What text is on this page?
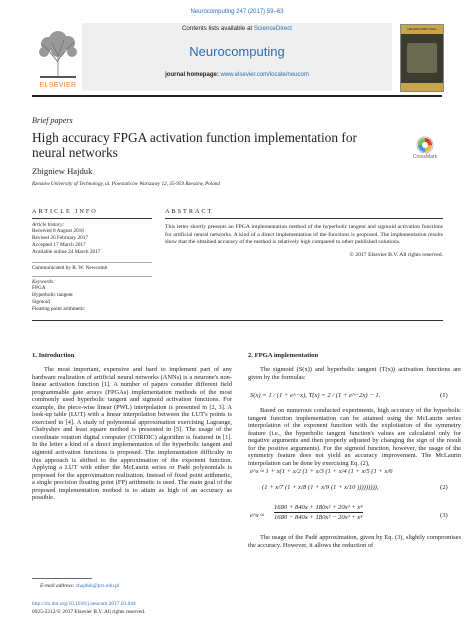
Neurocomputing 247 (2017) 59–63
ELSEVIER
Contents lists available at ScienceDirect
Neurocomputing
journal homepage: www.elsevier.com/locate/neucom
NEUROCOMPUTING
Brief papers
High accuracy FPGA activation function implementation for neural networks	CrossMark
Zbigniew Hajduk
Rzeszów University of Technology, ul. Powstańców Warszawy 12, 35-959 Rzeszów, Poland
ARTICLE INFO	ABSTRACT
Article history:
Received 8 August 2016
Revised 26 February 2017
Accepted 17 March 2017
Available online 24 March 2017
Communicated by R. W. Newcomb
Keywords:
FPGA
Hyperbolic tangent
Sigmoid
Floating point arithmetic
This letter shortly presents an FPGA implementation method of the hyperbolic tangent and sigmoid activation functions for artificial neural networks. A kind of a direct implementation of the functions is proposed. The implementation results show that the obtained accuracy of the method is relatively high compared to other published solutions.
© 2017 Elsevier B.V. All rights reserved.
1. Introduction

The most important, expensive and hard to implement part of any hardware realization of artificial neural networks (ANNs) is a neurone's non-linear activation function [1]. A number of papers consider different field programmable gate arrays (FPGAs) implementation methods of the most commonly used hyperbolic tangent and sigmoid activation functions. For example, the piece-wise linear (PWL) interpolation is presented in [2, 3]. A look-up table (LUT) with a linear interpolation between the LUT's points is exercised in [4]. A study of polynomial approximation exercising Lagrange, Chebyshev and least square method is presented in [5]. The usage of the coordinate rotation digital computer (CORDIC) algorithm is featured in [1]. In the letter a kind of a direct implementation of the hyperbolic tangent and sigmoid activation functions is proposed. The implementation difficulty in this approach is shifted to the approximation of the exponent function. Applying a LUT with either the McLaurin series or Padé polynomials is proposed for the approximation realization. Instead of fixed point arithmetic, a single precision floating point (FP) arithmetic is used. The main goal of the proposed implementation method is to attain as high of an accuracy as possible.

E-mail address: zhajduk@prz.edu.pl
http://dx.doi.org/10.1016/j.neucom.2017.03.044
0925-2312/© 2017 Elsevier B.V. All rights reserved.
2. FPGA implementation

The sigmoid (S(x)) and hyperbolic tangent (T(x)) activation functions are given by the formulas:

S(x) = 1 / (1 + e^−x), T(x) = 2 / (1 + e^−2x) − 1.	(1)

Based on numerous conducted experiments, high accuracy of the hyperbolic tangent function implementation can be attained using the McLaurin series interpolation of the exponent function with the exploitation of the symmetry feature (i.e., the hyperbolic tangent function's values are calculated only for negative arguments and then properly adjusted by changing the sign of the result for the positive arguments). For the sigmoid function, however, the usage of the symmetry feature does not yield an accuracy improvement. The McLaurin interpolation can be done by exercising Eq. (2),

e^x ≈ 1 + x(1 + x/2 (1 + x/3 (1 + x/4 (1 + x/5 (1 + x/6
(1 + x/7 (1 + x/8 (1 + x/9 (1 + x/10 ))))))))),	(2)
e^x ≈
1680 + 840x + 180x² + 20x³ + x⁴
1680 − 840x + 180x² − 20x³ + x⁴	(3)

The usage of the Padé approximation, given by Eq. (3), slightly compromises the accuracy. However, it allows the reduction of
